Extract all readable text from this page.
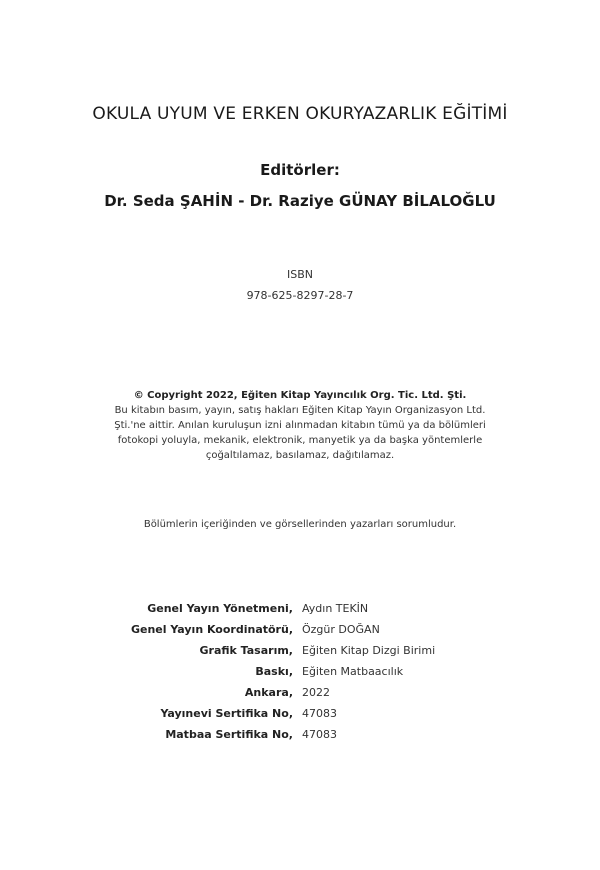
OKULA UYUM VE ERKEN OKURYAZARLIK EĞİTİMİ
Editörler:
Dr. Seda ŞAHİN - Dr. Raziye GÜNAY BİLALOĞLU
ISBN
978-625-8297-28-7
© Copyright 2022, Eğiten Kitap Yayıncılık Org. Tic. Ltd. Şti.
Bu kitabın basım, yayın, satış hakları Eğiten Kitap Yayın Organizasyon Ltd.
Şti.'ne aittir. Anılan kuruluşun izni alınmadan kitabın tümü ya da bölümleri
fotokopi yoluyla, mekanik, elektronik, manyetik ya da başka yöntemlerle
çoğaltılamaz, basılamaz, dağıtılamaz.
Bölümlerin içeriğinden ve görsellerinden yazarları sorumludur.
Genel Yayın Yönetmeni, Aydın TEKİN
Genel Yayın Koordinatörü, Özgür DOĞAN
Grafik Tasarım, Eğiten Kitap Dizgi Birimi
Baskı, Eğiten Matbaacılık
Ankara, 2022
Yayınevi Sertifika No, 47083
Matbaa Sertifika No, 47083
